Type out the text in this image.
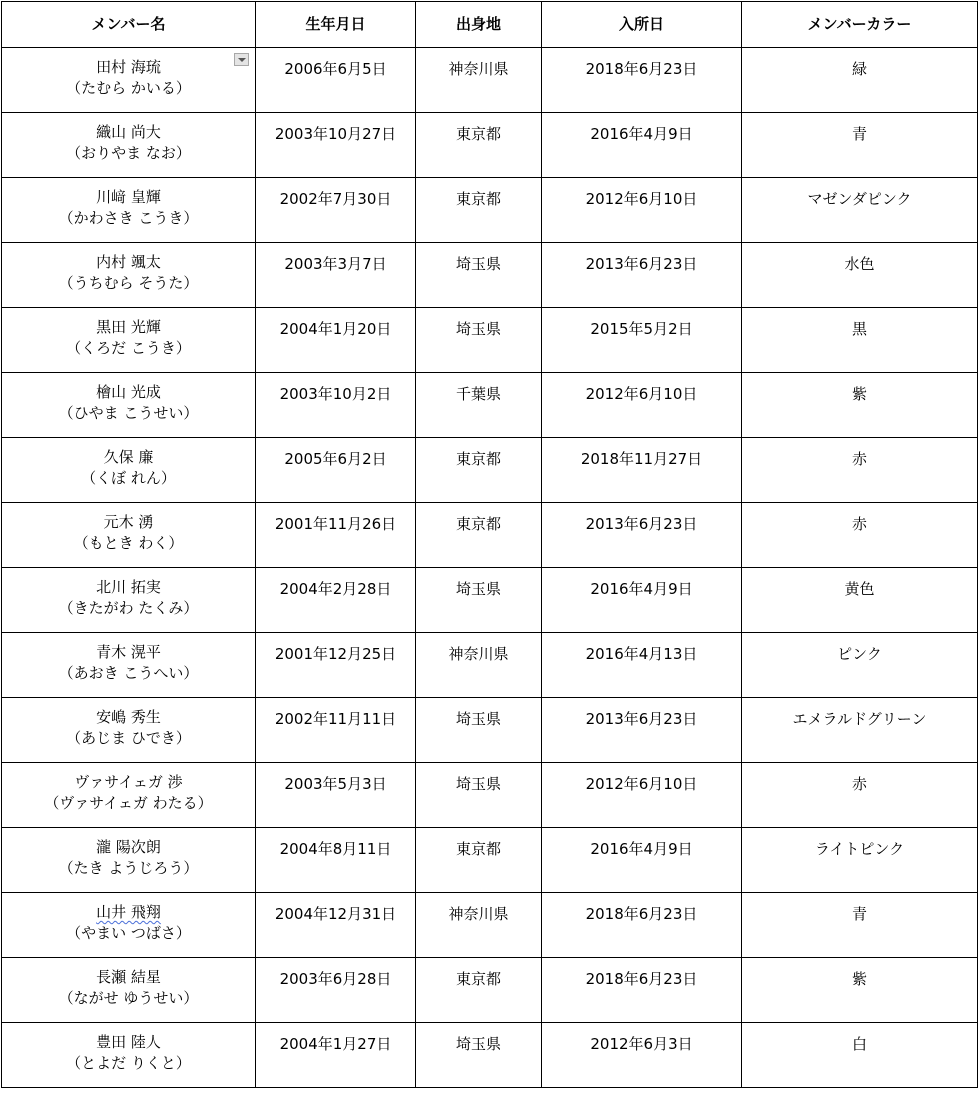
メンバー名	生年月日	出身地	入所日	メンバーカラー

田村 海琉
（たむら かいる）	2006年6月5日	神奈川県	2018年6月23日	緑

織山 尚大
（おりやま なお）	2003年10月27日	東京都	2016年4月9日	青

川﨑 皇輝
（かわさき こうき）	2002年7月30日	東京都	2012年6月10日	マゼンダピンク

内村 颯太
（うちむら そうた）	2003年3月7日	埼玉県	2013年6月23日	水色

黒田 光輝
（くろだ こうき）	2004年1月20日	埼玉県	2015年5月2日	黒

檜山 光成
（ひやま こうせい）	2003年10月2日	千葉県	2012年6月10日	紫

久保 廉
（くぼ れん）	2005年6月2日	東京都	2018年11月27日	赤

元木 湧
（もとき わく）	2001年11月26日	東京都	2013年6月23日	赤

北川 拓実
（きたがわ たくみ）	2004年2月28日	埼玉県	2016年4月9日	黄色

青木 滉平
（あおき こうへい）	2001年12月25日	神奈川県	2016年4月13日	ピンク

安嶋 秀生
（あじま ひでき）	2002年11月11日	埼玉県	2013年6月23日	エメラルドグリーン

ヴァサイェガ 渉
（ヴァサイェガ わたる）	2003年5月3日	埼玉県	2012年6月10日	赤

瀧 陽次朗
（たき ようじろう）	2004年8月11日	東京都	2016年4月9日	ライトピンク

山井 飛翔
（やまい つばさ）	2004年12月31日	神奈川県	2018年6月23日	青

長瀬 結星
（ながせ ゆうせい）	2003年6月28日	東京都	2018年6月23日	紫

豊田 陸人
（とよだ りくと）	2004年1月27日	埼玉県	2012年6月3日	白
